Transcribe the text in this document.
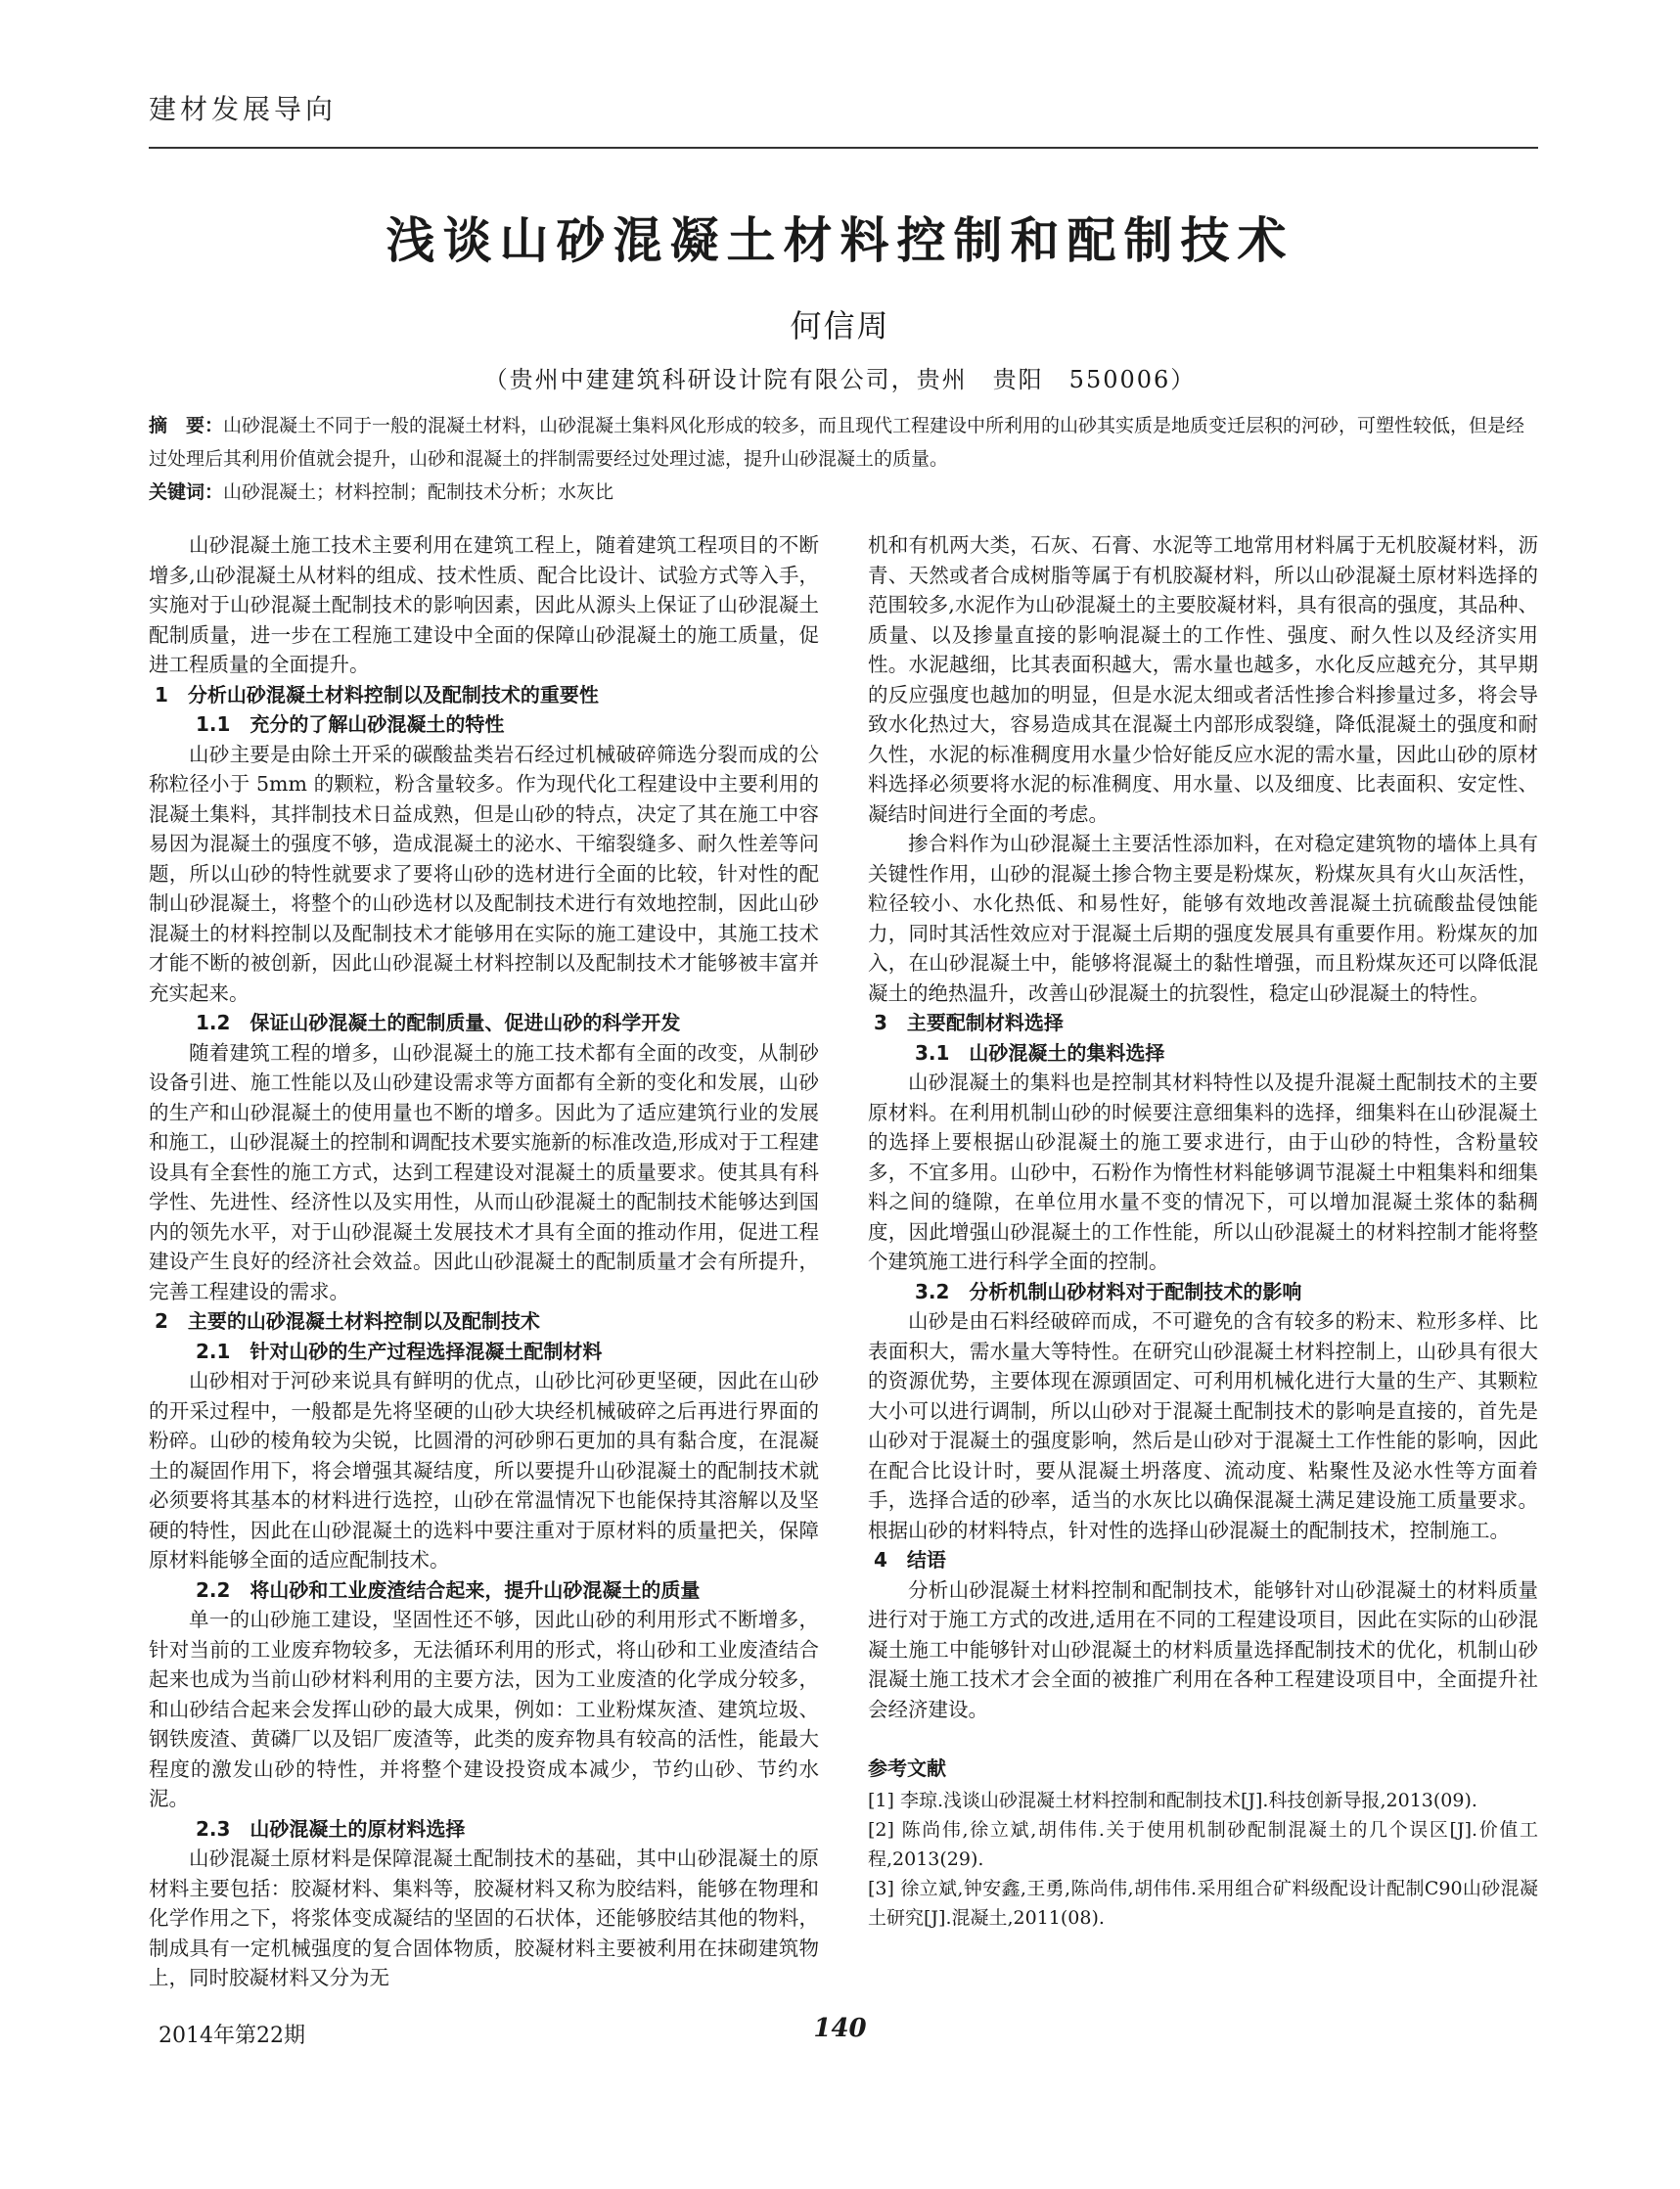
建材发展导向
浅谈山砂混凝土材料控制和配制技术
何信周
（贵州中建建筑科研设计院有限公司，贵州　贵阳　550006）
摘　要：山砂混凝土不同于一般的混凝土材料，山砂混凝土集料风化形成的较多，而且现代工程建设中所利用的山砂其实质是地质变迁层积的河砂，可塑性较低，但是经过处理后其利用价值就会提升，山砂和混凝土的拌制需要经过处理过滤，提升山砂混凝土的质量。
关键词：山砂混凝土；材料控制；配制技术分析；水灰比

山砂混凝土施工技术主要利用在建筑工程上，随着建筑工程项目的不断增多,山砂混凝土从材料的组成、技术性质、配合比设计、试验方式等入手，实施对于山砂混凝土配制技术的影响因素，因此从源头上保证了山砂混凝土配制质量，进一步在工程施工建设中全面的保障山砂混凝土的施工质量，促进工程质量的全面提升。

1　分析山砂混凝土材料控制以及配制技术的重要性
1.1　充分的了解山砂混凝土的特性

山砂主要是由除土开采的碳酸盐类岩石经过机械破碎筛选分裂而成的公称粒径小于 5mm 的颗粒，粉含量较多。作为现代化工程建设中主要利用的混凝土集料，其拌制技术日益成熟，但是山砂的特点，决定了其在施工中容易因为混凝土的强度不够，造成混凝土的泌水、干缩裂缝多、耐久性差等问题，所以山砂的特性就要求了要将山砂的选材进行全面的比较，针对性的配制山砂混凝土，将整个的山砂选材以及配制技术进行有效地控制，因此山砂混凝土的材料控制以及配制技术才能够用在实际的施工建设中，其施工技术才能不断的被创新，因此山砂混凝土材料控制以及配制技术才能够被丰富并充实起来。

1.2　保证山砂混凝土的配制质量、促进山砂的科学开发

随着建筑工程的增多，山砂混凝土的施工技术都有全面的改变，从制砂设备引进、施工性能以及山砂建设需求等方面都有全新的变化和发展，山砂的生产和山砂混凝土的使用量也不断的增多。因此为了适应建筑行业的发展和施工，山砂混凝土的控制和调配技术要实施新的标准改造,形成对于工程建设具有全套性的施工方式，达到工程建设对混凝土的质量要求。使其具有科学性、先进性、经济性以及实用性，从而山砂混凝土的配制技术能够达到国内的领先水平，对于山砂混凝土发展技术才具有全面的推动作用，促进工程建设产生良好的经济社会效益。因此山砂混凝土的配制质量才会有所提升，完善工程建设的需求。

2　主要的山砂混凝土材料控制以及配制技术
2.1　针对山砂的生产过程选择混凝土配制材料

山砂相对于河砂来说具有鲜明的优点，山砂比河砂更坚硬，因此在山砂的开采过程中，一般都是先将坚硬的山砂大块经机械破碎之后再进行界面的粉碎。山砂的棱角较为尖锐，比圆滑的河砂卵石更加的具有黏合度，在混凝土的凝固作用下，将会增强其凝结度，所以要提升山砂混凝土的配制技术就必须要将其基本的材料进行选控，山砂在常温情况下也能保持其溶解以及坚硬的特性，因此在山砂混凝土的选料中要注重对于原材料的质量把关，保障原材料能够全面的适应配制技术。

2.2　将山砂和工业废渣结合起来，提升山砂混凝土的质量

单一的山砂施工建设，坚固性还不够，因此山砂的利用形式不断增多，针对当前的工业废弃物较多，无法循环利用的形式，将山砂和工业废渣结合起来也成为当前山砂材料利用的主要方法，因为工业废渣的化学成分较多，和山砂结合起来会发挥山砂的最大成果，例如：工业粉煤灰渣、建筑垃圾、钢铁废渣、黄磷厂以及铝厂废渣等，此类的废弃物具有较高的活性，能最大程度的激发山砂的特性，并将整个建设投资成本减少，节约山砂、节约水泥。

2.3　山砂混凝土的原材料选择

山砂混凝土原材料是保障混凝土配制技术的基础，其中山砂混凝土的原材料主要包括：胶凝材料、集料等，胶凝材料又称为胶结料，能够在物理和化学作用之下，将浆体变成凝结的坚固的石状体，还能够胶结其他的物料，制成具有一定机械强度的复合固体物质，胶凝材料主要被利用在抹砌建筑物上，同时胶凝材料又分为无

机和有机两大类，石灰、石膏、水泥等工地常用材料属于无机胶凝材料，沥青、天然或者合成树脂等属于有机胶凝材料，所以山砂混凝土原材料选择的范围较多,水泥作为山砂混凝土的主要胶凝材料，具有很高的强度，其品种、质量、以及掺量直接的影响混凝土的工作性、强度、耐久性以及经济实用性。水泥越细，比其表面积越大，需水量也越多，水化反应越充分，其早期的反应强度也越加的明显，但是水泥太细或者活性掺合料掺量过多，将会导致水化热过大，容易造成其在混凝土内部形成裂缝，降低混凝土的强度和耐久性，水泥的标准稠度用水量少恰好能反应水泥的需水量，因此山砂的原材料选择必须要将水泥的标准稠度、用水量、以及细度、比表面积、安定性、凝结时间进行全面的考虑。

掺合料作为山砂混凝土主要活性添加料，在对稳定建筑物的墙体上具有关键性作用，山砂的混凝土掺合物主要是粉煤灰，粉煤灰具有火山灰活性，粒径较小、水化热低、和易性好，能够有效地改善混凝土抗硫酸盐侵蚀能力，同时其活性效应对于混凝土后期的强度发展具有重要作用。粉煤灰的加入，在山砂混凝土中，能够将混凝土的黏性增强，而且粉煤灰还可以降低混凝土的绝热温升，改善山砂混凝土的抗裂性，稳定山砂混凝土的特性。

3　主要配制材料选择
3.1　山砂混凝土的集料选择

山砂混凝土的集料也是控制其材料特性以及提升混凝土配制技术的主要原材料。在利用机制山砂的时候要注意细集料的选择，细集料在山砂混凝土的选择上要根据山砂混凝土的施工要求进行，由于山砂的特性，含粉量较多，不宜多用。山砂中，石粉作为惰性材料能够调节混凝土中粗集料和细集料之间的缝隙，在单位用水量不变的情况下，可以增加混凝土浆体的黏稠度，因此增强山砂混凝土的工作性能，所以山砂混凝土的材料控制才能将整个建筑施工进行科学全面的控制。

3.2　分析机制山砂材料对于配制技术的影响

山砂是由石料经破碎而成，不可避免的含有较多的粉末、粒形多样、比表面积大，需水量大等特性。在研究山砂混凝土材料控制上，山砂具有很大的资源优势，主要体现在源頭固定、可利用机械化进行大量的生产、其颗粒大小可以进行调制，所以山砂对于混凝土配制技术的影响是直接的，首先是山砂对于混凝土的强度影响，然后是山砂对于混凝土工作性能的影响，因此在配合比设计时，要从混凝土坍落度、流动度、粘聚性及泌水性等方面着手，选择合适的砂率，适当的水灰比以确保混凝土满足建设施工质量要求。根据山砂的材料特点，针对性的选择山砂混凝土的配制技术，控制施工。

4　结语

分析山砂混凝土材料控制和配制技术，能够针对山砂混凝土的材料质量进行对于施工方式的改进,适用在不同的工程建设项目，因此在实际的山砂混凝土施工中能够针对山砂混凝土的材料质量选择配制技术的优化，机制山砂混凝土施工技术才会全面的被推广利用在各种工程建设项目中，全面提升社会经济建设。

参考文献
[1] 李琼.浅谈山砂混凝土材料控制和配制技术[J].科技创新导报,2013(09).
[2] 陈尚伟,徐立斌,胡伟伟.关于使用机制砂配制混凝土的几个误区[J].价值工程,2013(29).
[3] 徐立斌,钟安鑫,王勇,陈尚伟,胡伟伟.采用组合矿料级配设计配制C90山砂混凝土研究[J].混凝土,2011(08).
2014年第22期	140
